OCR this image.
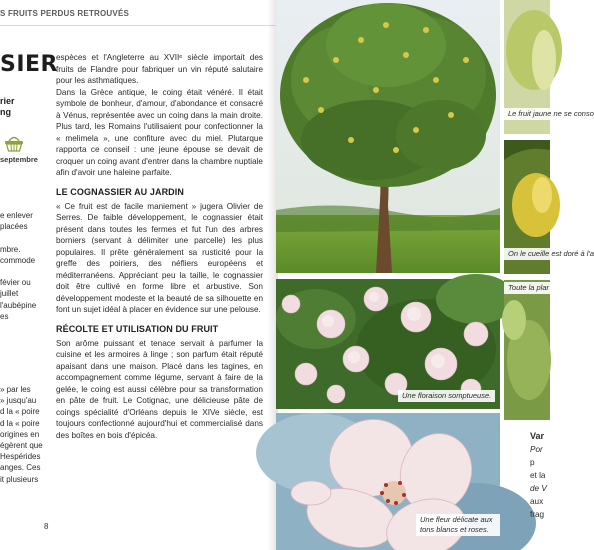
S FRUITS PERDUS RETROUVÉS
SIER
rier
ng
septembre

e enlever

placées

mbre.

commode

févier ou

juillet

l'aubépine

es

» par les

» jusqu'au

d la « poire

d la « poire

origines en

égèrent que

Hespérides

anges. Ces

it plusieurs

8

espèces et l'Angleterre au XVIIᵉ siècle importait des fruits de Flandre pour fabriquer un vin réputé salutaire pour les asthmatiques.

Dans la Grèce antique, le coing était vénéré. Il était symbole de bonheur, d'amour, d'abondance et consacré à Vénus, représentée avec un coing dans la main droite. Plus tard, les Romains l'utilisaient pour confectionner la « melimela », une confiture avec du miel. Plutarque rapporta ce conseil : une jeune épouse se devait de croquer un coing avant d'entrer dans la chambre nuptiale afin d'avoir une haleine parfaite.

LE COGNASSIER AU JARDIN

« Ce fruit est de facile maniement » jugera Olivier de Serres. De faible développement, le cognassier était présent dans toutes les fermes et fut l'un des arbres borniers (servant à délimiter une parcelle) les plus populaires. Il prête généralement sa rusticité pour la greffe des poiriers, des néfliers européens et méditerranéens. Appréciant peu la taille, le cognassier doit être cultivé en forme libre et arbustive. Son développement modeste et la beauté de sa silhouette en font un sujet idéal à placer en évidence sur une pelouse.

RÉCOLTE ET UTILISATION DU FRUIT

Son arôme puissant et tenace servait à parfumer la cuisine et les armoires à linge ; son parfum était réputé apaisant dans une maison. Placé dans les tagines, en accompagnement comme légume, servant à faire de la gelée, le coing est aussi célèbre pour sa transformation en pâte de fruit. Le Cotignac, une délicieuse pâte de coings spécialité d'Orléans depuis le XIVe siècle, est toujours confectionné aujourd'hui et commercialisé dans des boîtes en bois d'épicéa.

Une floraison somptueuse.
Une fleur délicate aux tons blancs et roses.
Le fruit jaune ne se conso
On le cueille est doré à l'a
Toute la plar

Var

Por

p

et la

de V

aux

frag
